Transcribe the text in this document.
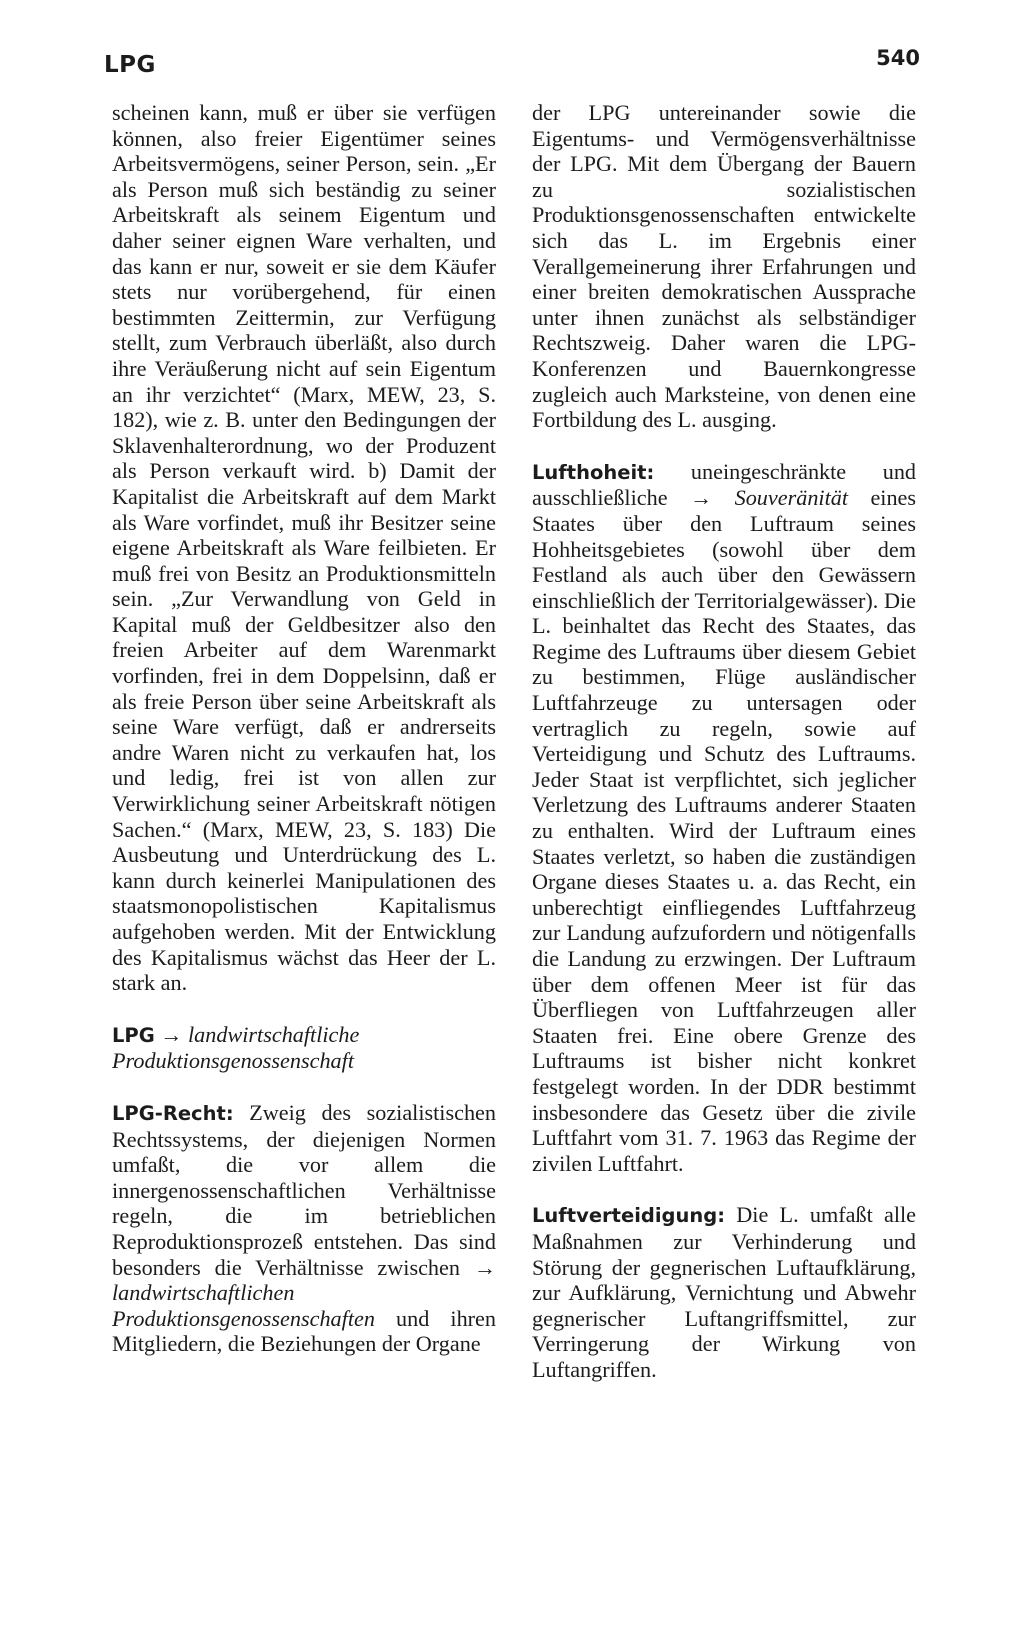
LPG	540

scheinen kann, muß er über sie verfügen können, also freier Eigentümer seines Arbeitsvermögens, seiner Person, sein. „Er als Person muß sich beständig zu seiner Arbeitskraft als seinem Eigentum und daher seiner eignen Ware verhalten, und das kann er nur, soweit er sie dem Käufer stets nur vorübergehend, für einen bestimmten Zeittermin, zur Verfügung stellt, zum Verbrauch überläßt, also durch ihre Veräußerung nicht auf sein Eigentum an ihr verzichtet“ (Marx, MEW, 23, S. 182), wie z. B. unter den Bedingungen der Sklavenhalterordnung, wo der Produzent als Person verkauft wird. b) Damit der Kapitalist die Arbeitskraft auf dem Markt als Ware vorfindet, muß ihr Besitzer seine eigene Arbeitskraft als Ware feilbieten. Er muß frei von Besitz an Produktionsmitteln sein. „Zur Verwandlung von Geld in Kapital muß der Geldbesitzer also den freien Arbeiter auf dem Warenmarkt vorfinden, frei in dem Doppelsinn, daß er als freie Person über seine Arbeitskraft als seine Ware verfügt, daß er andrerseits andre Waren nicht zu verkaufen hat, los und ledig, frei ist von allen zur Verwirklichung seiner Arbeitskraft nötigen Sachen.“ (Marx, MEW, 23, S. 183) Die Ausbeutung und Unterdrückung des L. kann durch keinerlei Manipulationen des staatsmonopolistischen Kapitalismus aufgehoben werden. Mit der Entwicklung des Kapitalismus wächst das Heer der L. stark an.

LPG → landwirtschaftliche Produktionsgenossenschaft

LPG-Recht: Zweig des sozialistischen Rechtssystems, der diejenigen Normen umfaßt, die vor allem die innergenossenschaftlichen Verhältnisse regeln, die im betrieblichen Reproduktionsprozeß entstehen. Das sind besonders die Verhältnisse zwischen → landwirtschaftlichen Produktionsgenossenschaften und ihren Mitgliedern, die Beziehungen der Organe

der LPG untereinander sowie die Eigentums- und Vermögensverhältnisse der LPG. Mit dem Übergang der Bauern zu sozialistischen Produktionsgenossenschaften entwickelte sich das L. im Ergebnis einer Verallgemeinerung ihrer Erfahrungen und einer breiten demokratischen Aussprache unter ihnen zunächst als selbständiger Rechtszweig. Daher waren die LPG-Konferenzen und Bauernkongresse zugleich auch Marksteine, von denen eine Fortbildung des L. ausging.

Lufthoheit: uneingeschränkte und ausschließliche → Souveränität eines Staates über den Luftraum seines Hohheitsgebietes (sowohl über dem Festland als auch über den Gewässern einschließlich der Territorialgewässer). Die L. beinhaltet das Recht des Staates, das Regime des Luftraums über diesem Gebiet zu bestimmen, Flüge ausländischer Luftfahrzeuge zu untersagen oder vertraglich zu regeln, sowie auf Verteidigung und Schutz des Luftraums. Jeder Staat ist verpflichtet, sich jeglicher Verletzung des Luftraums anderer Staaten zu enthalten. Wird der Luftraum eines Staates verletzt, so haben die zuständigen Organe dieses Staates u. a. das Recht, ein unberechtigt einfliegendes Luftfahrzeug zur Landung aufzufordern und nötigenfalls die Landung zu erzwingen. Der Luftraum über dem offenen Meer ist für das Überfliegen von Luftfahrzeugen aller Staaten frei. Eine obere Grenze des Luftraums ist bisher nicht konkret festgelegt worden. In der DDR bestimmt insbesondere das Gesetz über die zivile Luftfahrt vom 31. 7. 1963 das Regime der zivilen Luftfahrt.

Luftverteidigung: Die L. umfaßt alle Maßnahmen zur Verhinderung und Störung der gegnerischen Luftaufklärung, zur Aufklärung, Vernichtung und Abwehr gegnerischer Luftangriffsmittel, zur Verringerung der Wirkung von Luftangriffen.
